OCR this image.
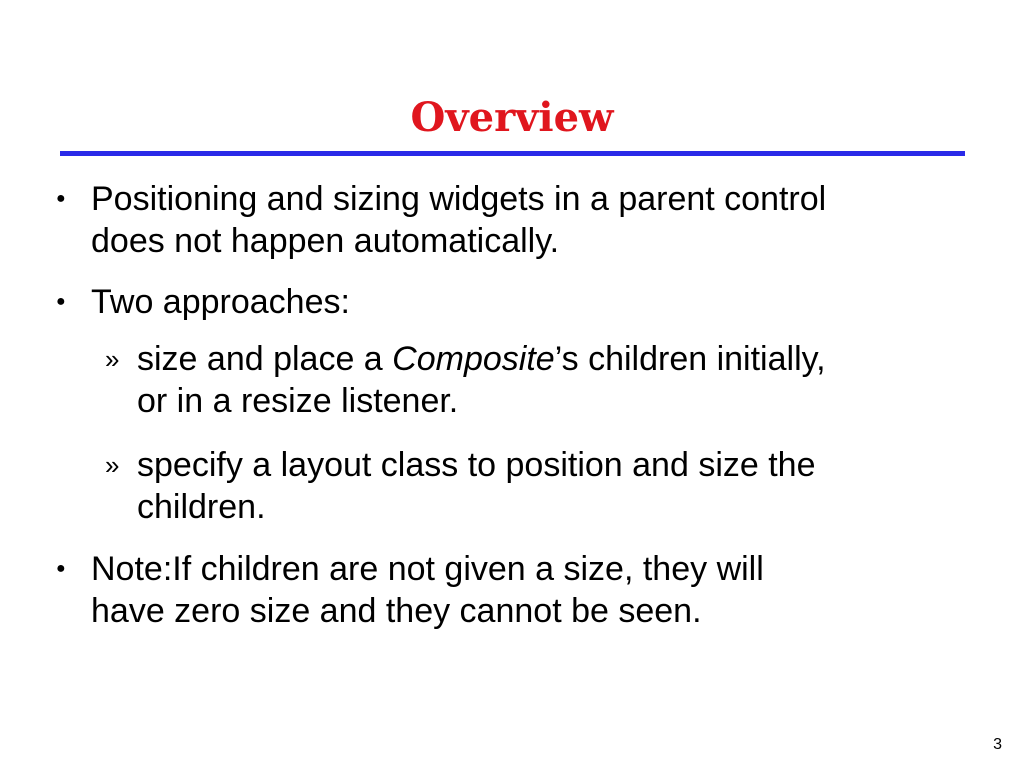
Overview
● Positioning and sizing widgets in a parent control
does not happen automatically.
● Two approaches:
» size and place a Composite’s children initially,
or in a resize listener.
» specify a layout class to position and size the
children.
● Note:If children are not given a size, they will
have zero size and they cannot be seen.
3
